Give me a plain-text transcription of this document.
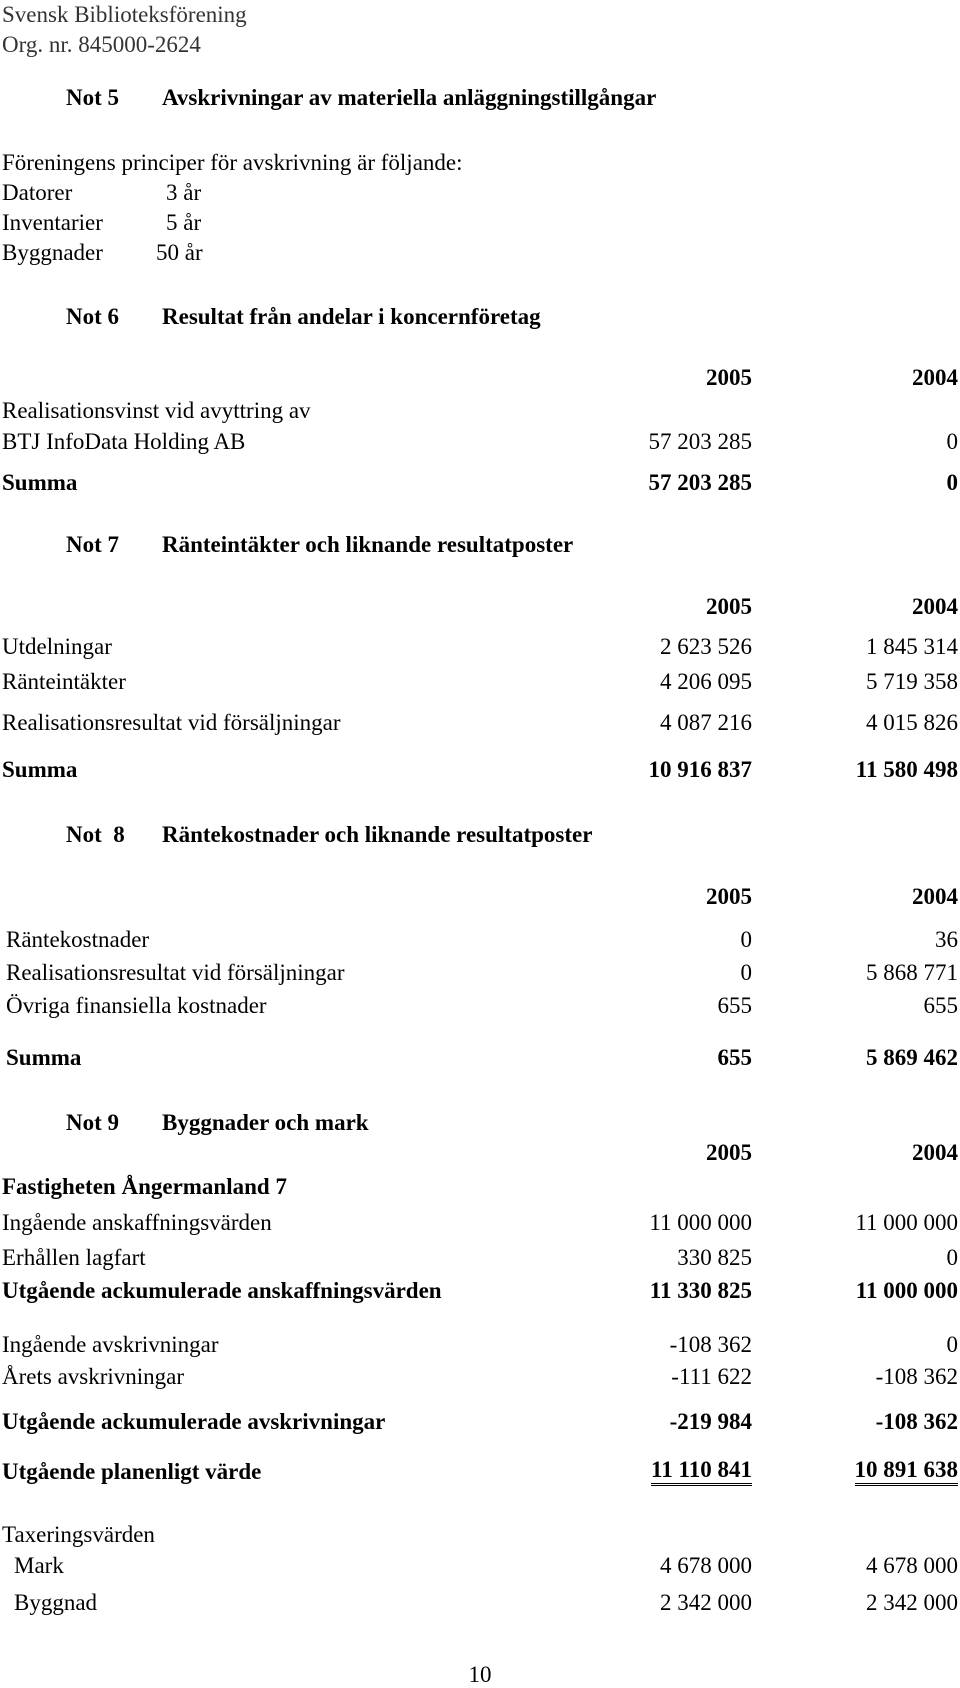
Svensk Biblioteksförening
Org. nr. 845000-2624
Not 5 Avskrivningar av materiella anläggningstillgångar
Föreningens principer för avskrivning är följande:
Datorer	3 år
Inventarier	5 år
Byggnader 50 år
Not 6 Resultat från andelar i koncernföretag
2005	2004
Realisationsvinst vid avyttring av
BTJ InfoData Holding AB	57 203 285	0
Summa	57 203 285	0
Not 7 Ränteintäkter och liknande resultatposter
2005	2004
Utdelningar	2 623 526	1 845 314
Ränteintäkter	4 206 095	5 719 358
Realisationsresultat vid försäljningar	4 087 216	4 015 826
Summa	10 916 837	11 580 498
Not  8 Räntekostnader och liknande resultatposter
2005	2004
Räntekostnader	0	36
Realisationsresultat vid försäljningar	0	5 868 771
Övriga finansiella kostnader	655	655
Summa	655	5 869 462
Not 9 Byggnader och mark
2005	2004
Fastigheten Ångermanland 7
Ingående anskaffningsvärden	11 000 000	11 000 000
Erhållen lagfart	330 825	0
Utgående ackumulerade anskaffningsvärden	11 330 825	11 000 000
Ingående avskrivningar	-108 362	0
Årets avskrivningar	-111 622	-108 362
Utgående ackumulerade avskrivningar	-219 984	-108 362
Utgående planenligt värde	11 110 841	10 891 638
Taxeringsvärden
Mark	4 678 000	4 678 000
Byggnad	2 342 000	2 342 000
10
